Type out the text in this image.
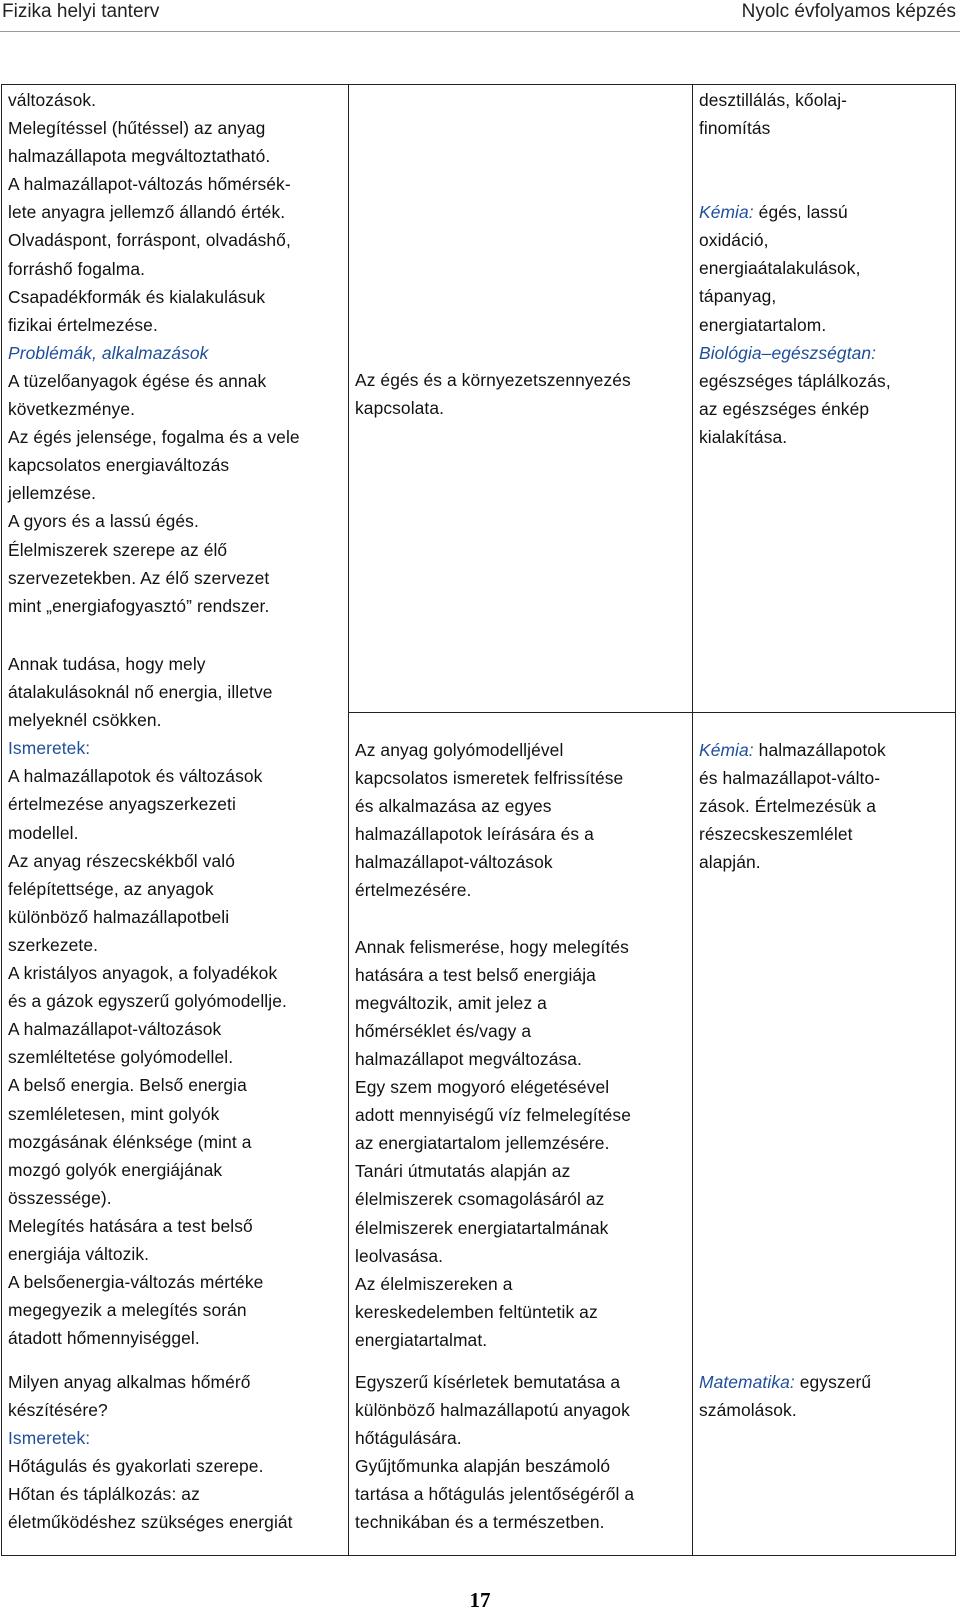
Fizika helyi tanterv	Nyolc évfolyamos képzés
változások.
Melegítéssel (hűtéssel) az anyag
halmazállapota megváltoztatható.
A halmazállapot-változás hőmérsék-
lete anyagra jellemző állandó érték.
Olvadáspont, forráspont, olvadáshő,
forráshő fogalma.
Csapadékformák és kialakulásuk
fizikai értelmezése.
Problémák, alkalmazások
A tüzelőanyagok égése és annak
következménye.
Az égés jelensége, fogalma és a vele
kapcsolatos energiaváltozás
jellemzése.
A gyors és a lassú égés.
Élelmiszerek szerepe az élő
szervezetekben. Az élő szervezet
mint „energiafogyasztó” rendszer.
Az égés és a környezetszennyezés
kapcsolata.
desztillálás, kőolaj-
finomítás
Kémia: égés, lassú
oxidáció,
energiaátalakulások,
tápanyag,
energiatartalom.
Biológia–egészségtan:
egészséges táplálkozás,
az egészséges énkép
kialakítása.
Annak tudása, hogy mely
átalakulásoknál nő energia, illetve
melyeknél csökken.
Ismeretek:
A halmazállapotok és változások
értelmezése anyagszerkezeti
modellel.
Az anyag részecskékből való
felépítettsége, az anyagok
különböző halmazállapotbeli
szerkezete.
A kristályos anyagok, a folyadékok
és a gázok egyszerű golyómodellje.
A halmazállapot-változások
szemléltetése golyómodellel.
A belső energia. Belső energia
szemléletesen, mint golyók
mozgásának élénksége (mint a
mozgó golyók energiájának
összessége).
Melegítés hatására a test belső
energiája változik.
A belsőenergia-változás mértéke
megegyezik a melegítés során
átadott hőmennyiséggel.
Az anyag golyómodelljével
kapcsolatos ismeretek felfrissítése
és alkalmazása az egyes
halmazállapotok leírására és a
halmazállapot-változások
értelmezésére.
Annak felismerése, hogy melegítés
hatására a test belső energiája
megváltozik, amit jelez a
hőmérséklet és/vagy a
halmazállapot megváltozása.
Egy szem mogyoró elégetésével
adott mennyiségű víz felmelegítése
az energiatartalom jellemzésére.
Tanári útmutatás alapján az
élelmiszerek csomagolásáról az
élelmiszerek energiatartalmának
leolvasása.
Az élelmiszereken a
kereskedelemben feltüntetik az
energiatartalmat.
Kémia: halmazállapotok
és halmazállapot-válto-
zások. Értelmezésük a
részecskeszemlélet
alapján.
Milyen anyag alkalmas hőmérő
készítésére?
Ismeretek:
Hőtágulás és gyakorlati szerepe.
Hőtan és táplálkozás: az
életműködéshez szükséges energiát
Egyszerű kísérletek bemutatása a
különböző halmazállapotú anyagok
hőtágulására.
Gyűjtőmunka alapján beszámoló
tartása a hőtágulás jelentőségéről a
technikában és a természetben.
Matematika: egyszerű
számolások.
17
